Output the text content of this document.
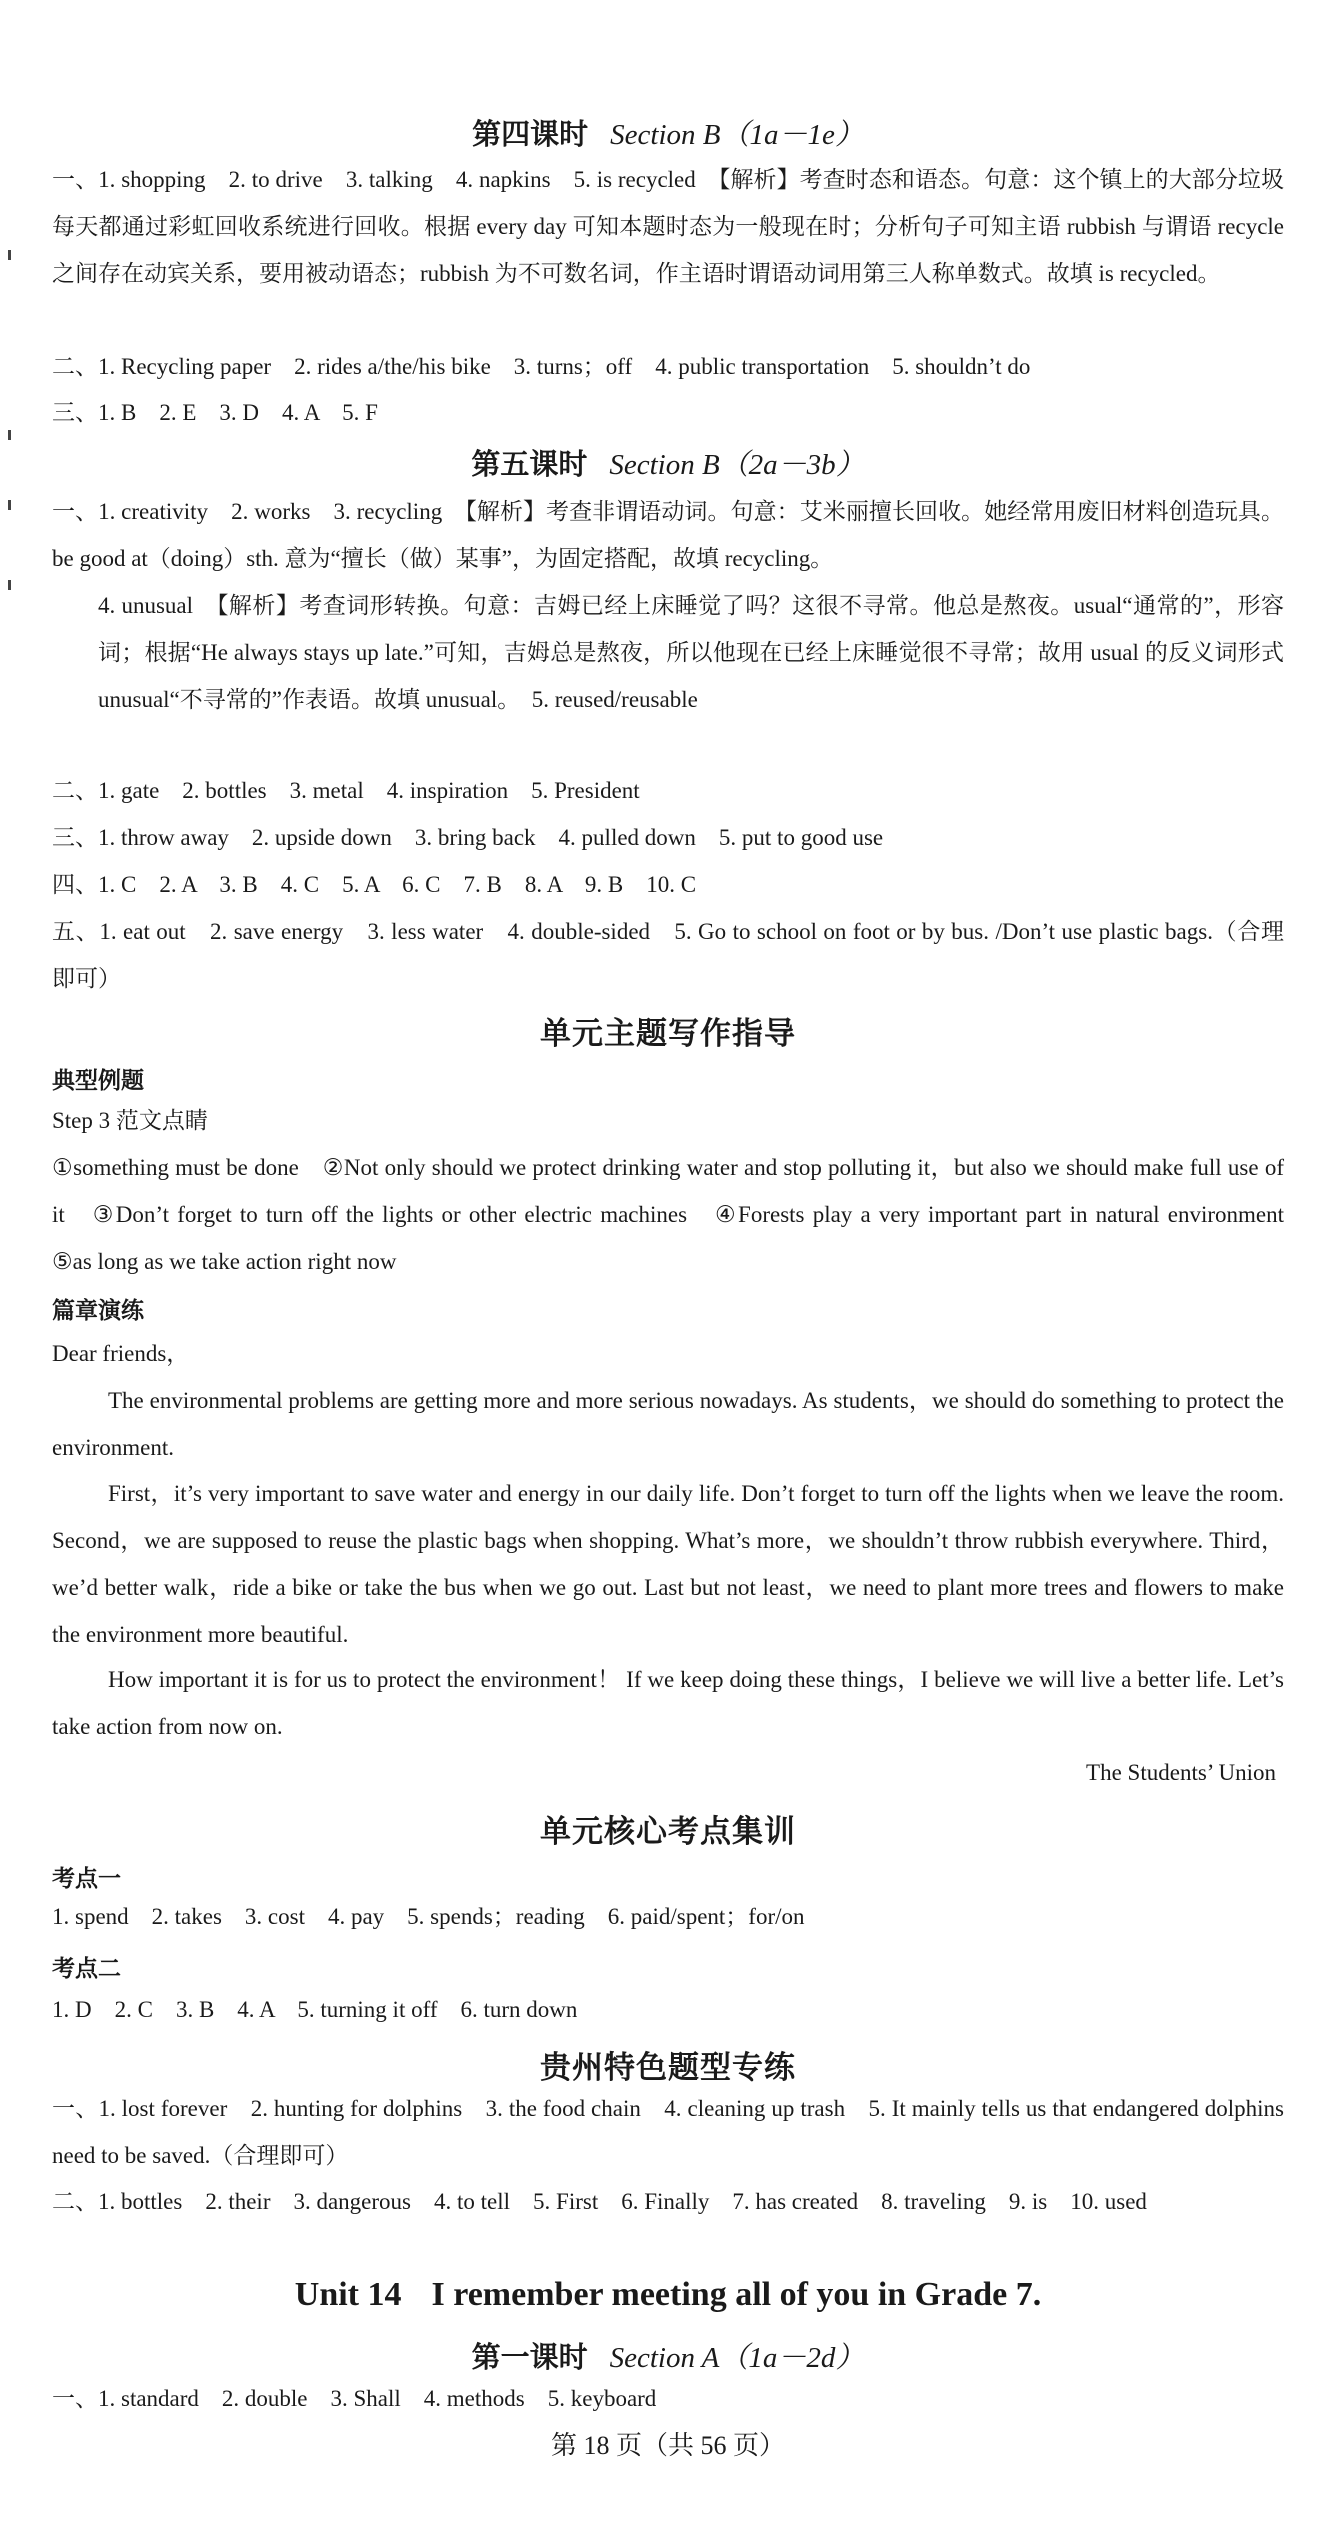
第四课时 Section B（1a－1e）
一、1. shopping　2. to drive　3. talking　4. napkins　5. is recycled　【解析】考查时态和语态。句意：这个镇上的大部分垃圾每天都通过彩虹回收系统进行回收。根据 every day 可知本题时态为一般现在时；分析句子可知主语 rubbish 与谓语 recycle 之间存在动宾关系，要用被动语态；rubbish 为不可数名词，作主语时谓语动词用第三人称单数式。故填 is recycled。
二、1. Recycling paper　2. rides a/the/his bike　3. turns；off　4. public transportation　5. shouldn’t do
三、1. B　2. E　3. D　4. A　5. F
第五课时 Section B（2a－3b）
一、1. creativity　2. works　3. recycling　【解析】考查非谓语动词。句意：艾米丽擅长回收。她经常用废旧材料创造玩具。be good at（doing）sth. 意为“擅长（做）某事”，为固定搭配，故填 recycling。
4. unusual　【解析】考查词形转换。句意：吉姆已经上床睡觉了吗？这很不寻常。他总是熬夜。usual“通常的”，形容词；根据“He always stays up late.”可知，吉姆总是熬夜，所以他现在已经上床睡觉很不寻常；故用 usual 的反义词形式 unusual“不寻常的”作表语。故填 unusual。　5. reused/reusable
二、1. gate　2. bottles　3. metal　4. inspiration　5. President
三、1. throw away　2. upside down　3. bring back　4. pulled down　5. put to good use
四、1. C　2. A　3. B　4. C　5. A　6. C　7. B　8. A　9. B　10. C
五、1. eat out　2. save energy　3. less water　4. double-sided　5. Go to school on foot or by bus. /Don’t use plastic bags.（合理即可）
单元主题写作指导
典型例题
Step 3 范文点睛
①something must be done　②Not only should we protect drinking water and stop polluting it，but also we should make full use of it　③Don’t forget to turn off the lights or other electric machines　④Forests play a very important part in natural environment　⑤as long as we take action right now
篇章演练
Dear friends，
The environmental problems are getting more and more serious nowadays. As students，we should do something to protect the environment.
First，it’s very important to save water and energy in our daily life. Don’t forget to turn off the lights when we leave the room. Second，we are supposed to reuse the plastic bags when shopping. What’s more，we shouldn’t throw rubbish everywhere. Third，we’d better walk，ride a bike or take the bus when we go out. Last but not least，we need to plant more trees and flowers to make the environment more beautiful.
How important it is for us to protect the environment！ If we keep doing these things，I believe we will live a better life. Let’s take action from now on.
The Students’ Union
单元核心考点集训
考点一
1. spend　2. takes　3. cost　4. pay　5. spends；reading　6. paid/spent；for/on
考点二
1. D　2. C　3. B　4. A　5. turning it off　6. turn down
贵州特色题型专练
一、1. lost forever　2. hunting for dolphins　3. the food chain　4. cleaning up trash　5. It mainly tells us that endangered dolphins need to be saved.（合理即可）
二、1. bottles　2. their　3. dangerous　4. to tell　5. First　6. Finally　7. has created　8. traveling　9. is　10. used
Unit 14 I remember meeting all of you in Grade 7.
第一课时 Section A（1a－2d）
一、1. standard　2. double　3. Shall　4. methods　5. keyboard
第 18 页（共 56 页）
